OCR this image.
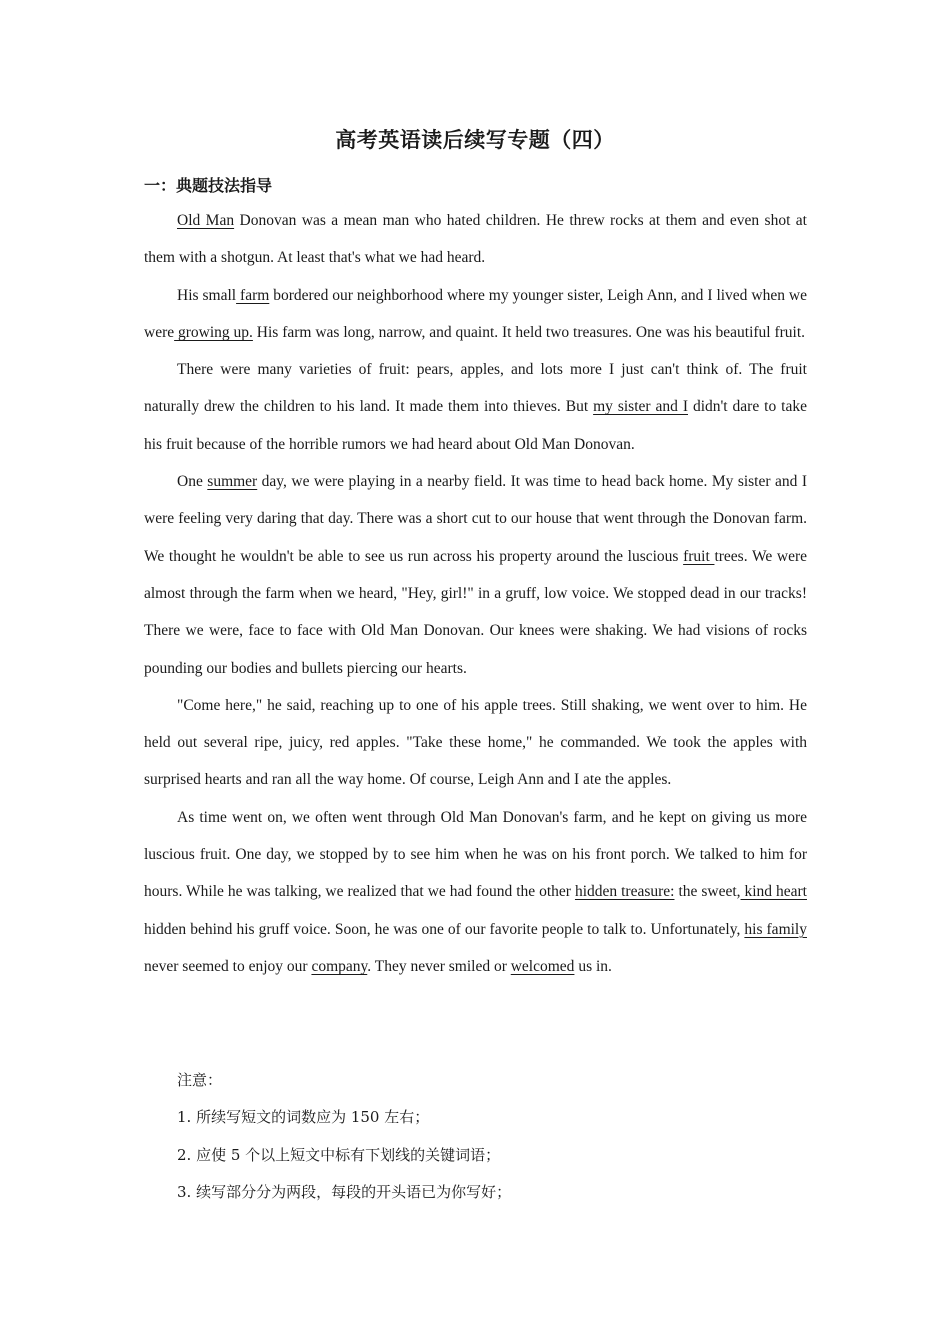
高考英语读后续写专题（四）
一：典题技法指导

Old Man Donovan was a mean man who hated children. He threw rocks at them and even shot at them with a shotgun. At least that's what we had heard.

His small farm bordered our neighborhood where my younger sister, Leigh Ann, and I lived when we were growing up. His farm was long, narrow, and quaint. It held two treasures. One was his beautiful fruit.

There were many varieties of fruit: pears, apples, and lots more I just can't think of. The fruit naturally drew the children to his land. It made them into thieves. But my sister and I didn't dare to take his fruit because of the horrible rumors we had heard about Old Man Donovan.

One summer day, we were playing in a nearby field. It was time to head back home. My sister and I were feeling very daring that day. There was a short cut to our house that went through the Donovan farm. We thought he wouldn't be able to see us run across his property around the luscious fruit trees. We were almost through the farm when we heard, "Hey, girl!" in a gruff, low voice. We stopped dead in our tracks! There we were, face to face with Old Man Donovan. Our knees were shaking. We had visions of rocks pounding our bodies and bullets piercing our hearts.

"Come here," he said, reaching up to one of his apple trees. Still shaking, we went over to him. He held out several ripe, juicy, red apples. "Take these home," he commanded. We took the apples with surprised hearts and ran all the way home. Of course, Leigh Ann and I ate the apples.

As time went on, we often went through Old Man Donovan's farm, and he kept on giving us more luscious fruit. One day, we stopped by to see him when he was on his front porch. We talked to him for hours. While he was talking, we realized that we had found the other hidden treasure: the sweet, kind heart hidden behind his gruff voice. Soon, he was one of our favorite people to talk to. Unfortunately, his family never seemed to enjoy our company. They never smiled or welcomed us in.

注意：
1. 所续写短文的词数应为 150 左右；
2. 应使 5 个以上短文中标有下划线的关键词语；
3. 续写部分分为两段，每段的开头语已为你写好；
